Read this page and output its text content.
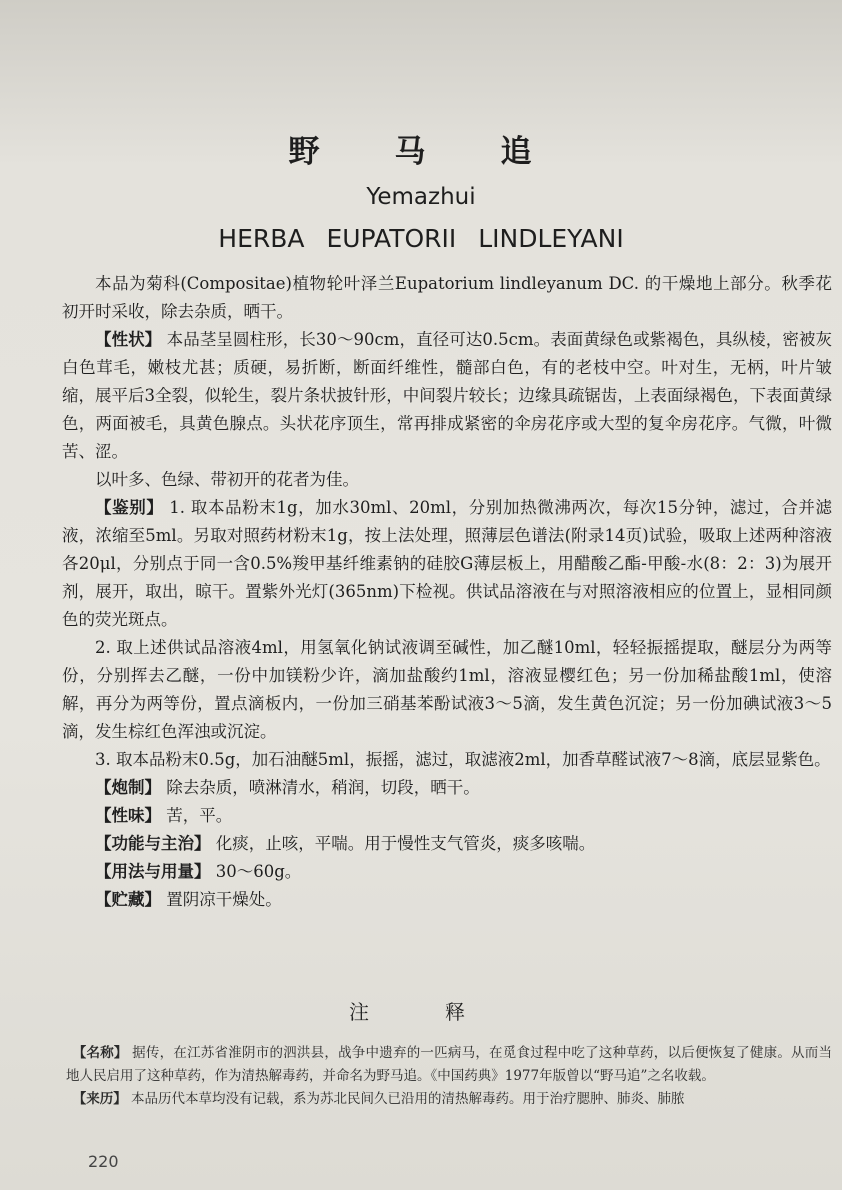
野　马　追
Yemazhui
HERBA EUPATORII LINDLEYANI

本品为菊科(Compositae)植物轮叶泽兰Eupatorium lindleyanum DC. 的干燥地上部分。秋季花初开时采收，除去杂质，晒干。

【性状】 本品茎呈圆柱形，长30～90cm，直径可达0.5cm。表面黄绿色或紫褐色，具纵棱，密被灰白色茸毛，嫩枝尤甚；质硬，易折断，断面纤维性，髓部白色，有的老枝中空。叶对生，无柄，叶片皱缩，展平后3全裂，似轮生，裂片条状披针形，中间裂片较长；边缘具疏锯齿，上表面绿褐色，下表面黄绿色，两面被毛，具黄色腺点。头状花序顶生，常再排成紧密的伞房花序或大型的复伞房花序。气微，叶微苦、涩。

以叶多、色绿、带初开的花者为佳。

【鉴别】 1. 取本品粉末1g，加水30ml、20ml，分别加热微沸两次，每次15分钟，滤过，合并滤液，浓缩至5ml。另取对照药材粉末1g，按上法处理，照薄层色谱法(附录14页)试验，吸取上述两种溶液各20μl，分别点于同一含0.5%羧甲基纤维素钠的硅胶G薄层板上，用醋酸乙酯-甲酸-水(8：2：3)为展开剂，展开，取出，晾干。置紫外光灯(365nm)下检视。供试品溶液在与对照溶液相应的位置上，显相同颜色的荧光斑点。

2. 取上述供试品溶液4ml，用氢氧化钠试液调至碱性，加乙醚10ml，轻轻振摇提取，醚层分为两等份，分别挥去乙醚，一份中加镁粉少许，滴加盐酸约1ml，溶液显樱红色；另一份加稀盐酸1ml，使溶解，再分为两等份，置点滴板内，一份加三硝基苯酚试液3～5滴，发生黄色沉淀；另一份加碘试液3～5滴，发生棕红色浑浊或沉淀。

3. 取本品粉末0.5g，加石油醚5ml，振摇，滤过，取滤液2ml，加香草醛试液7～8滴，底层显紫色。

【炮制】 除去杂质，喷淋清水，稍润，切段，晒干。

【性味】 苦，平。

【功能与主治】 化痰，止咳，平喘。用于慢性支气管炎，痰多咳喘。

【用法与用量】 30～60g。

【贮藏】 置阴凉干燥处。

注　释

【名称】 据传，在江苏省淮阴市的泗洪县，战争中遗弃的一匹病马，在觅食过程中吃了这种草药，以后便恢复了健康。从而当地人民启用了这种草药，作为清热解毒药，并命名为野马追。《中国药典》1977年版曾以“野马追”之名收载。

【来历】 本品历代本草均没有记载，系为苏北民间久已沿用的清热解毒药。用于治疗腮肿、肺炎、肺脓

220
